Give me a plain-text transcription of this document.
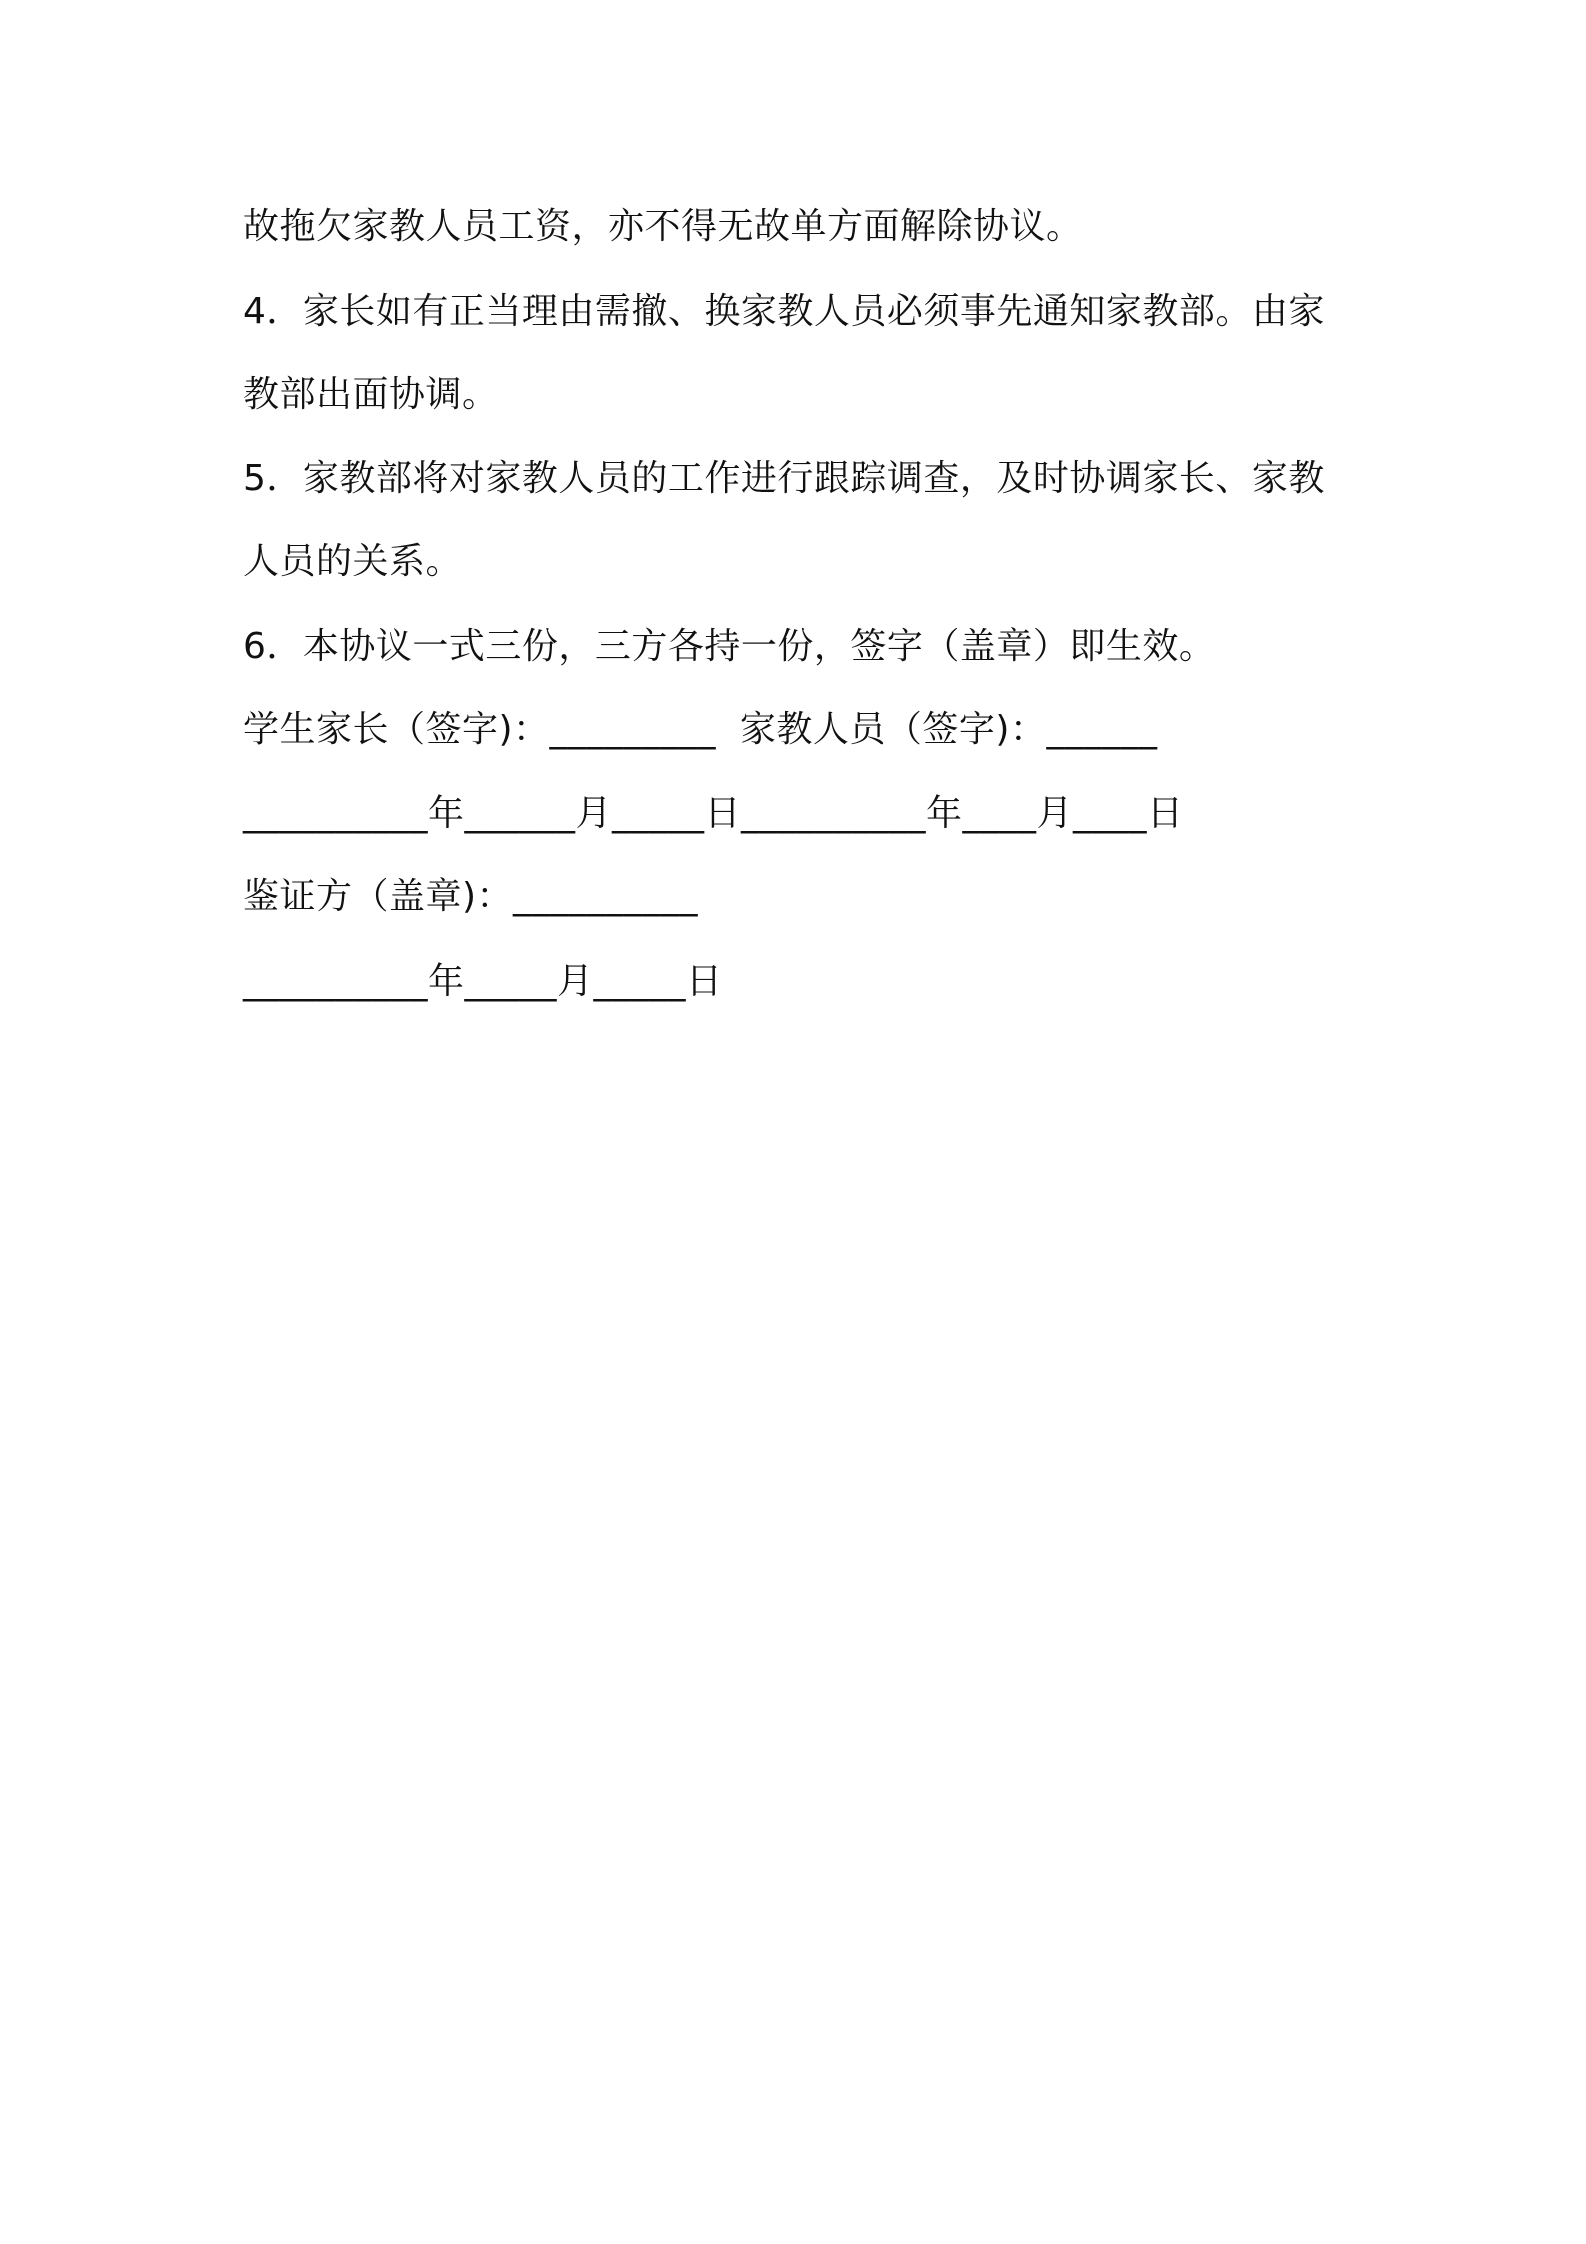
故拖欠家教人员工资，亦不得无故单方面解除协议。
4．家长如有正当理由需撤、换家教人员必须事先通知家教部。由家
教部出面协调。
5．家教部将对家教人员的工作进行跟踪调查，及时协调家长、家教
人员的关系。
6．本协议一式三份，三方各持一份，签字（盖章）即生效。
学生家长（签字)：_________  家教人员（签字)：______
__________年______月_____日__________年____月____日
鉴证方（盖章)：__________
__________年_____月_____日
